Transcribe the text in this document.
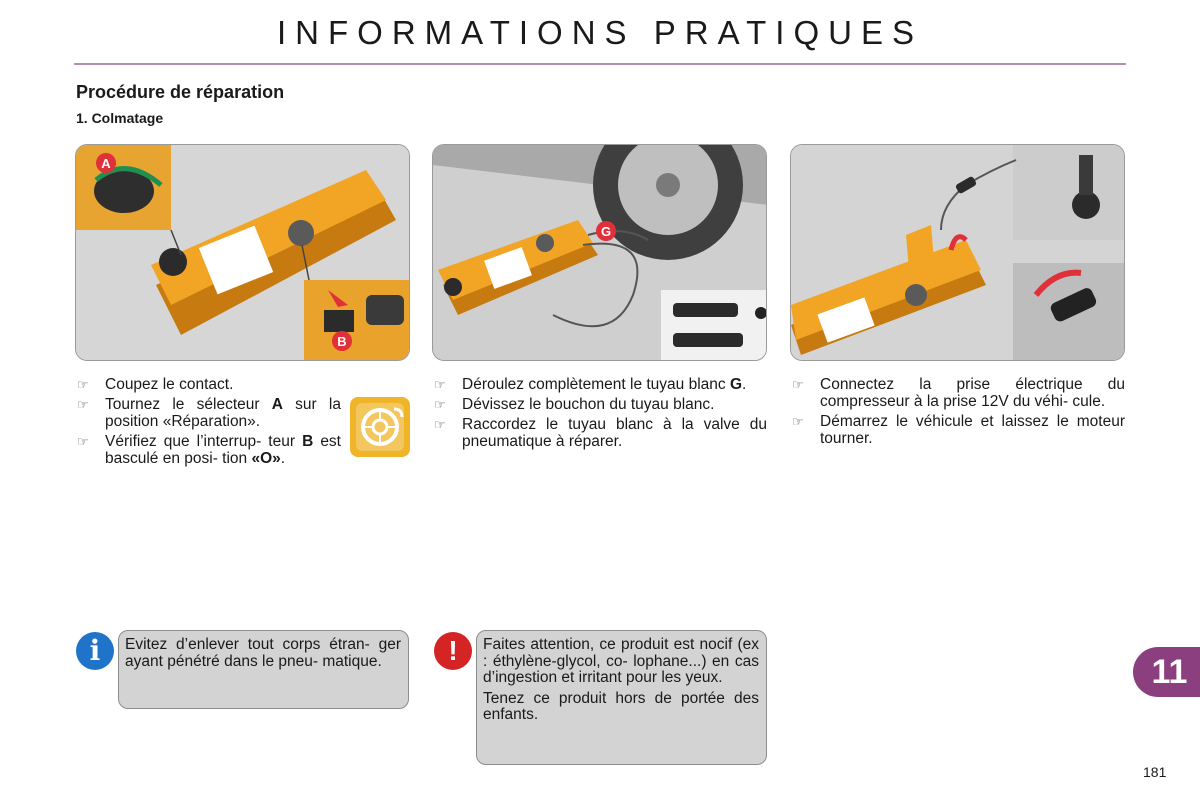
INFORMATIONS PRATIQUES
Procédure de réparation
1. Colmatage
A
B
G
☞ Coupez le contact.
☞ Tournez le sélecteur A sur la position «Réparation».
☞ Vérifiez que l’interrup- teur B est basculé en posi- tion «O».
☞ Déroulez complètement le tuyau blanc G.
☞ Dévissez le bouchon du tuyau blanc.
☞ Raccordez le tuyau blanc à la valve du pneumatique à réparer.
☞ Connectez la prise électrique du compresseur à la prise 12V du véhi- cule.
☞ Démarrez le véhicule et laissez le moteur tourner.
i	Evitez d’enlever tout corps étran- ger ayant pénétré dans le pneu- matique.	!	Faites attention, ce produit est nocif (ex : éthylène-glycol, co- lophane...) en cas d’ingestion et irritant pour les yeux.

Tenez ce produit hors de portée des enfants.

11
181
